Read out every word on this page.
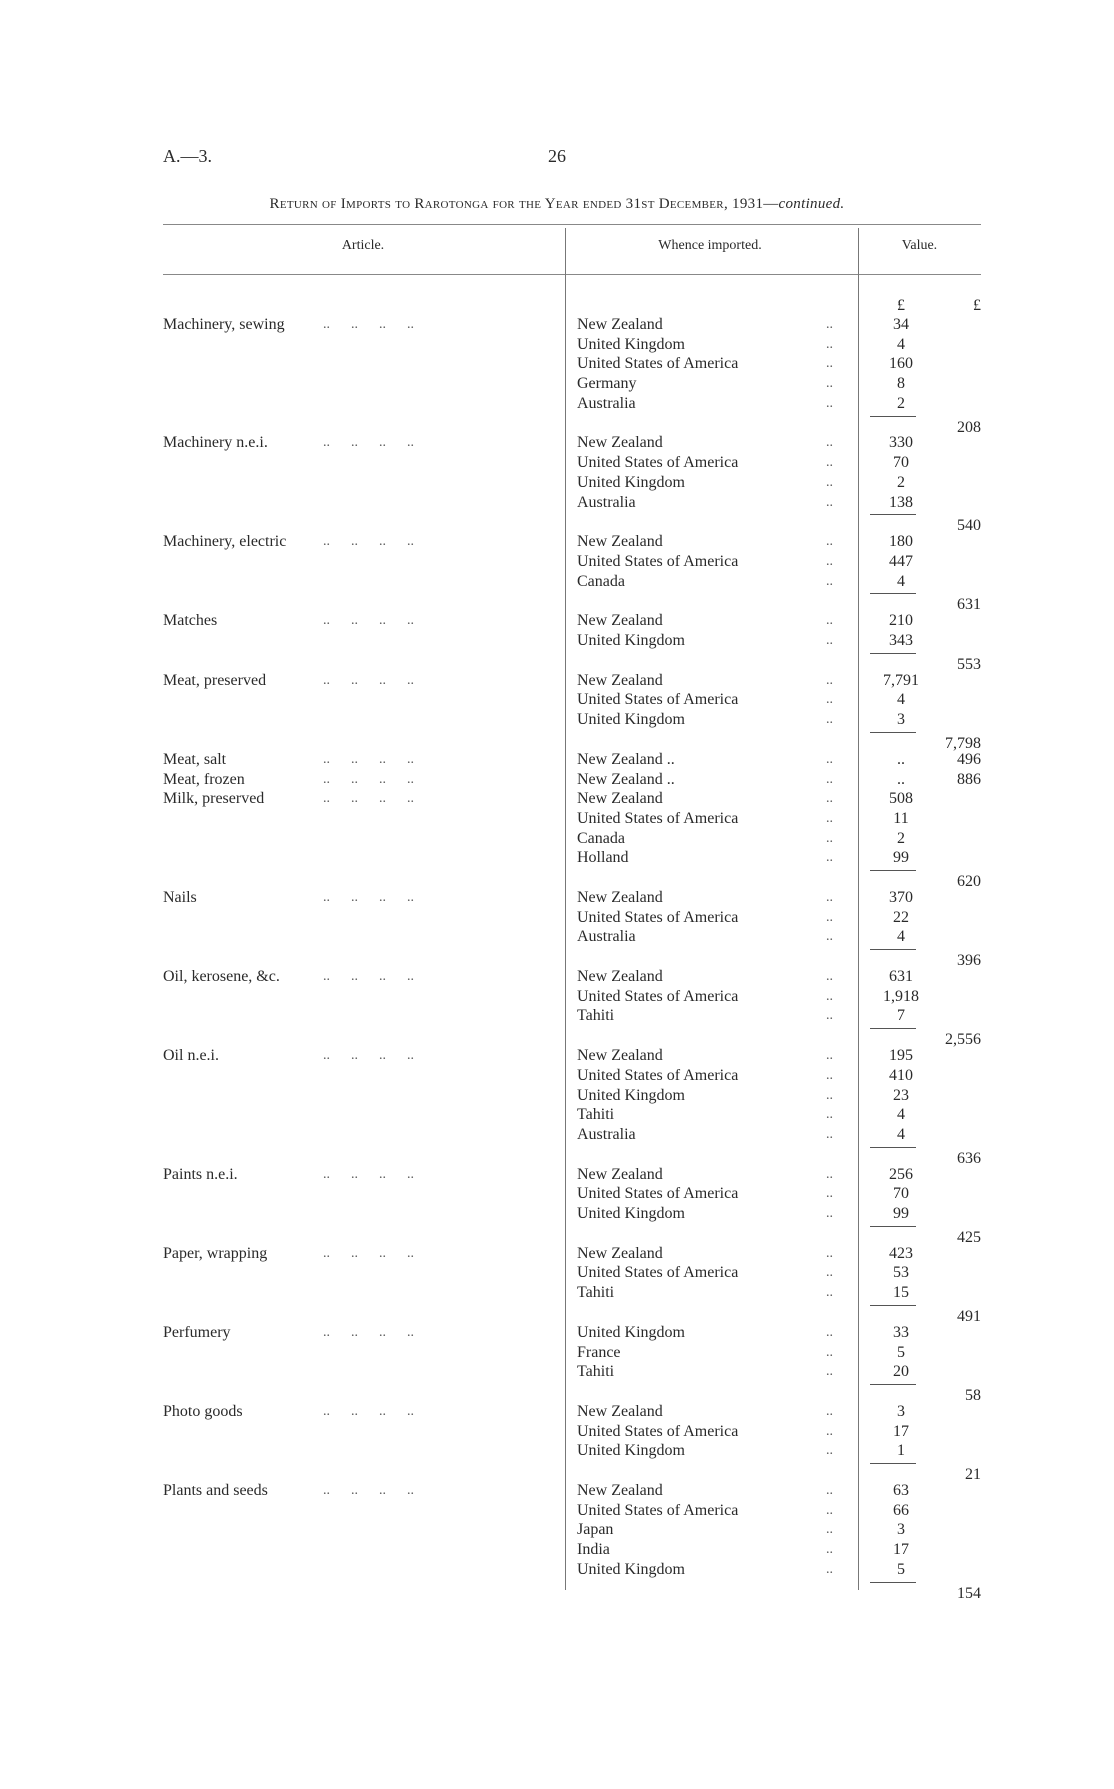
A.—3.	26
Return of Imports to Rarotonga for the Year ended 31st December, 1931—continued.
Article.	Whence imported.	Value.
£	£
Machinery, sewing	..      ..      ..      ..	New Zealand	..	34
United Kingdom	..	4
United States of America	..	160
Germany	..	8
Australia	..	2
208
Machinery n.e.i.	..      ..      ..      ..	New Zealand	..	330
United States of America	..	70
United Kingdom	..	2
Australia	..	138
540
Machinery, electric	..      ..      ..      ..	New Zealand	..	180
United States of America	..	447
Canada	..	4
631
Matches	..      ..      ..      ..	New Zealand	..	210
United Kingdom	..	343
553
Meat, preserved	..      ..      ..      ..	New Zealand	..	7,791
United States of America	..	4
United Kingdom	..	3
7,798
Meat, salt	..      ..      ..      ..	New Zealand ..	..	..	496
Meat, frozen	..      ..      ..      ..	New Zealand ..	..	..	886
Milk, preserved	..      ..      ..      ..	New Zealand	..	508
United States of America	..	11
Canada	..	2
Holland	..	99
620
Nails	..      ..      ..      ..	New Zealand	..	370
United States of America	..	22
Australia	..	4
396
Oil, kerosene, &c.	..      ..      ..      ..	New Zealand	..	631
United States of America	..	1,918
Tahiti	..	7
2,556
Oil n.e.i.	..      ..      ..      ..	New Zealand	..	195
United States of America	..	410
United Kingdom	..	23
Tahiti	..	4
Australia	..	4
636
Paints n.e.i.	..      ..      ..      ..	New Zealand	..	256
United States of America	..	70
United Kingdom	..	99
425
Paper, wrapping	..      ..      ..      ..	New Zealand	..	423
United States of America	..	53
Tahiti	..	15
491
Perfumery	..      ..      ..      ..	United Kingdom	..	33
France	..	5
Tahiti	..	20
58
Photo goods	..      ..      ..      ..	New Zealand	..	3
United States of America	..	17
United Kingdom	..	1
21
Plants and seeds	..      ..      ..      ..	New Zealand	..	63
United States of America	..	66
Japan	..	3
India	..	17
United Kingdom	..	5
154
